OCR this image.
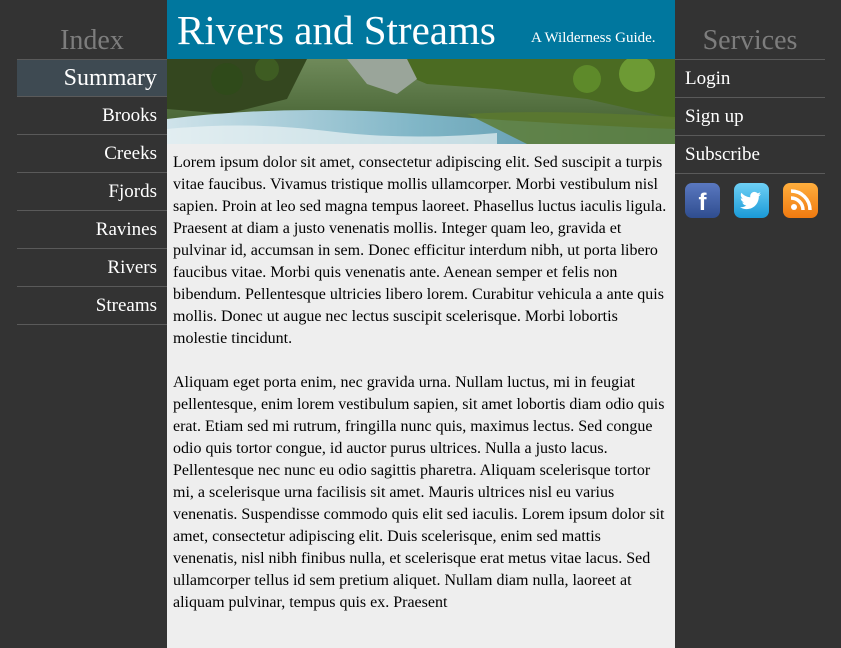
Index
Summary
Brooks
Creeks
Fjords
Ravines
Rivers
Streams
Rivers and Streams A Wilderness Guide.

Lorem ipsum dolor sit amet, consectetur adipiscing elit. Sed suscipit a turpis vitae faucibus. Vivamus tristique mollis ullamcorper. Morbi vestibulum nisl sapien. Proin at leo sed magna tempus laoreet. Phasellus luctus iaculis ligula. Praesent at diam a justo venenatis mollis. Integer quam leo, gravida et pulvinar id, accumsan in sem. Donec efficitur interdum nibh, ut porta libero faucibus vitae. Morbi quis venenatis ante. Aenean semper et felis non bibendum. Pellentesque ultricies libero lorem. Curabitur vehicula a ante quis mollis. Donec ut augue nec lectus suscipit scelerisque. Morbi lobortis molestie tincidunt.

Aliquam eget porta enim, nec gravida urna. Nullam luctus, mi in feugiat pellentesque, enim lorem vestibulum sapien, sit amet lobortis diam odio quis erat. Etiam sed mi rutrum, fringilla nunc quis, maximus lectus. Sed congue odio quis tortor congue, id auctor purus ultrices. Nulla a justo lacus. Pellentesque nec nunc eu odio sagittis pharetra. Aliquam scelerisque tortor mi, a scelerisque urna facilisis sit amet. Mauris ultrices nisl eu varius venenatis. Suspendisse commodo quis elit sed iaculis. Lorem ipsum dolor sit amet, consectetur adipiscing elit. Duis scelerisque, enim sed mattis venenatis, nisl nibh finibus nulla, et scelerisque erat metus vitae lacus. Sed ullamcorper tellus id sem pretium aliquet. Nullam diam nulla, laoreet at aliquam pulvinar, tempus quis ex. Praesent

Services
Login
Sign up
Subscribe
f
